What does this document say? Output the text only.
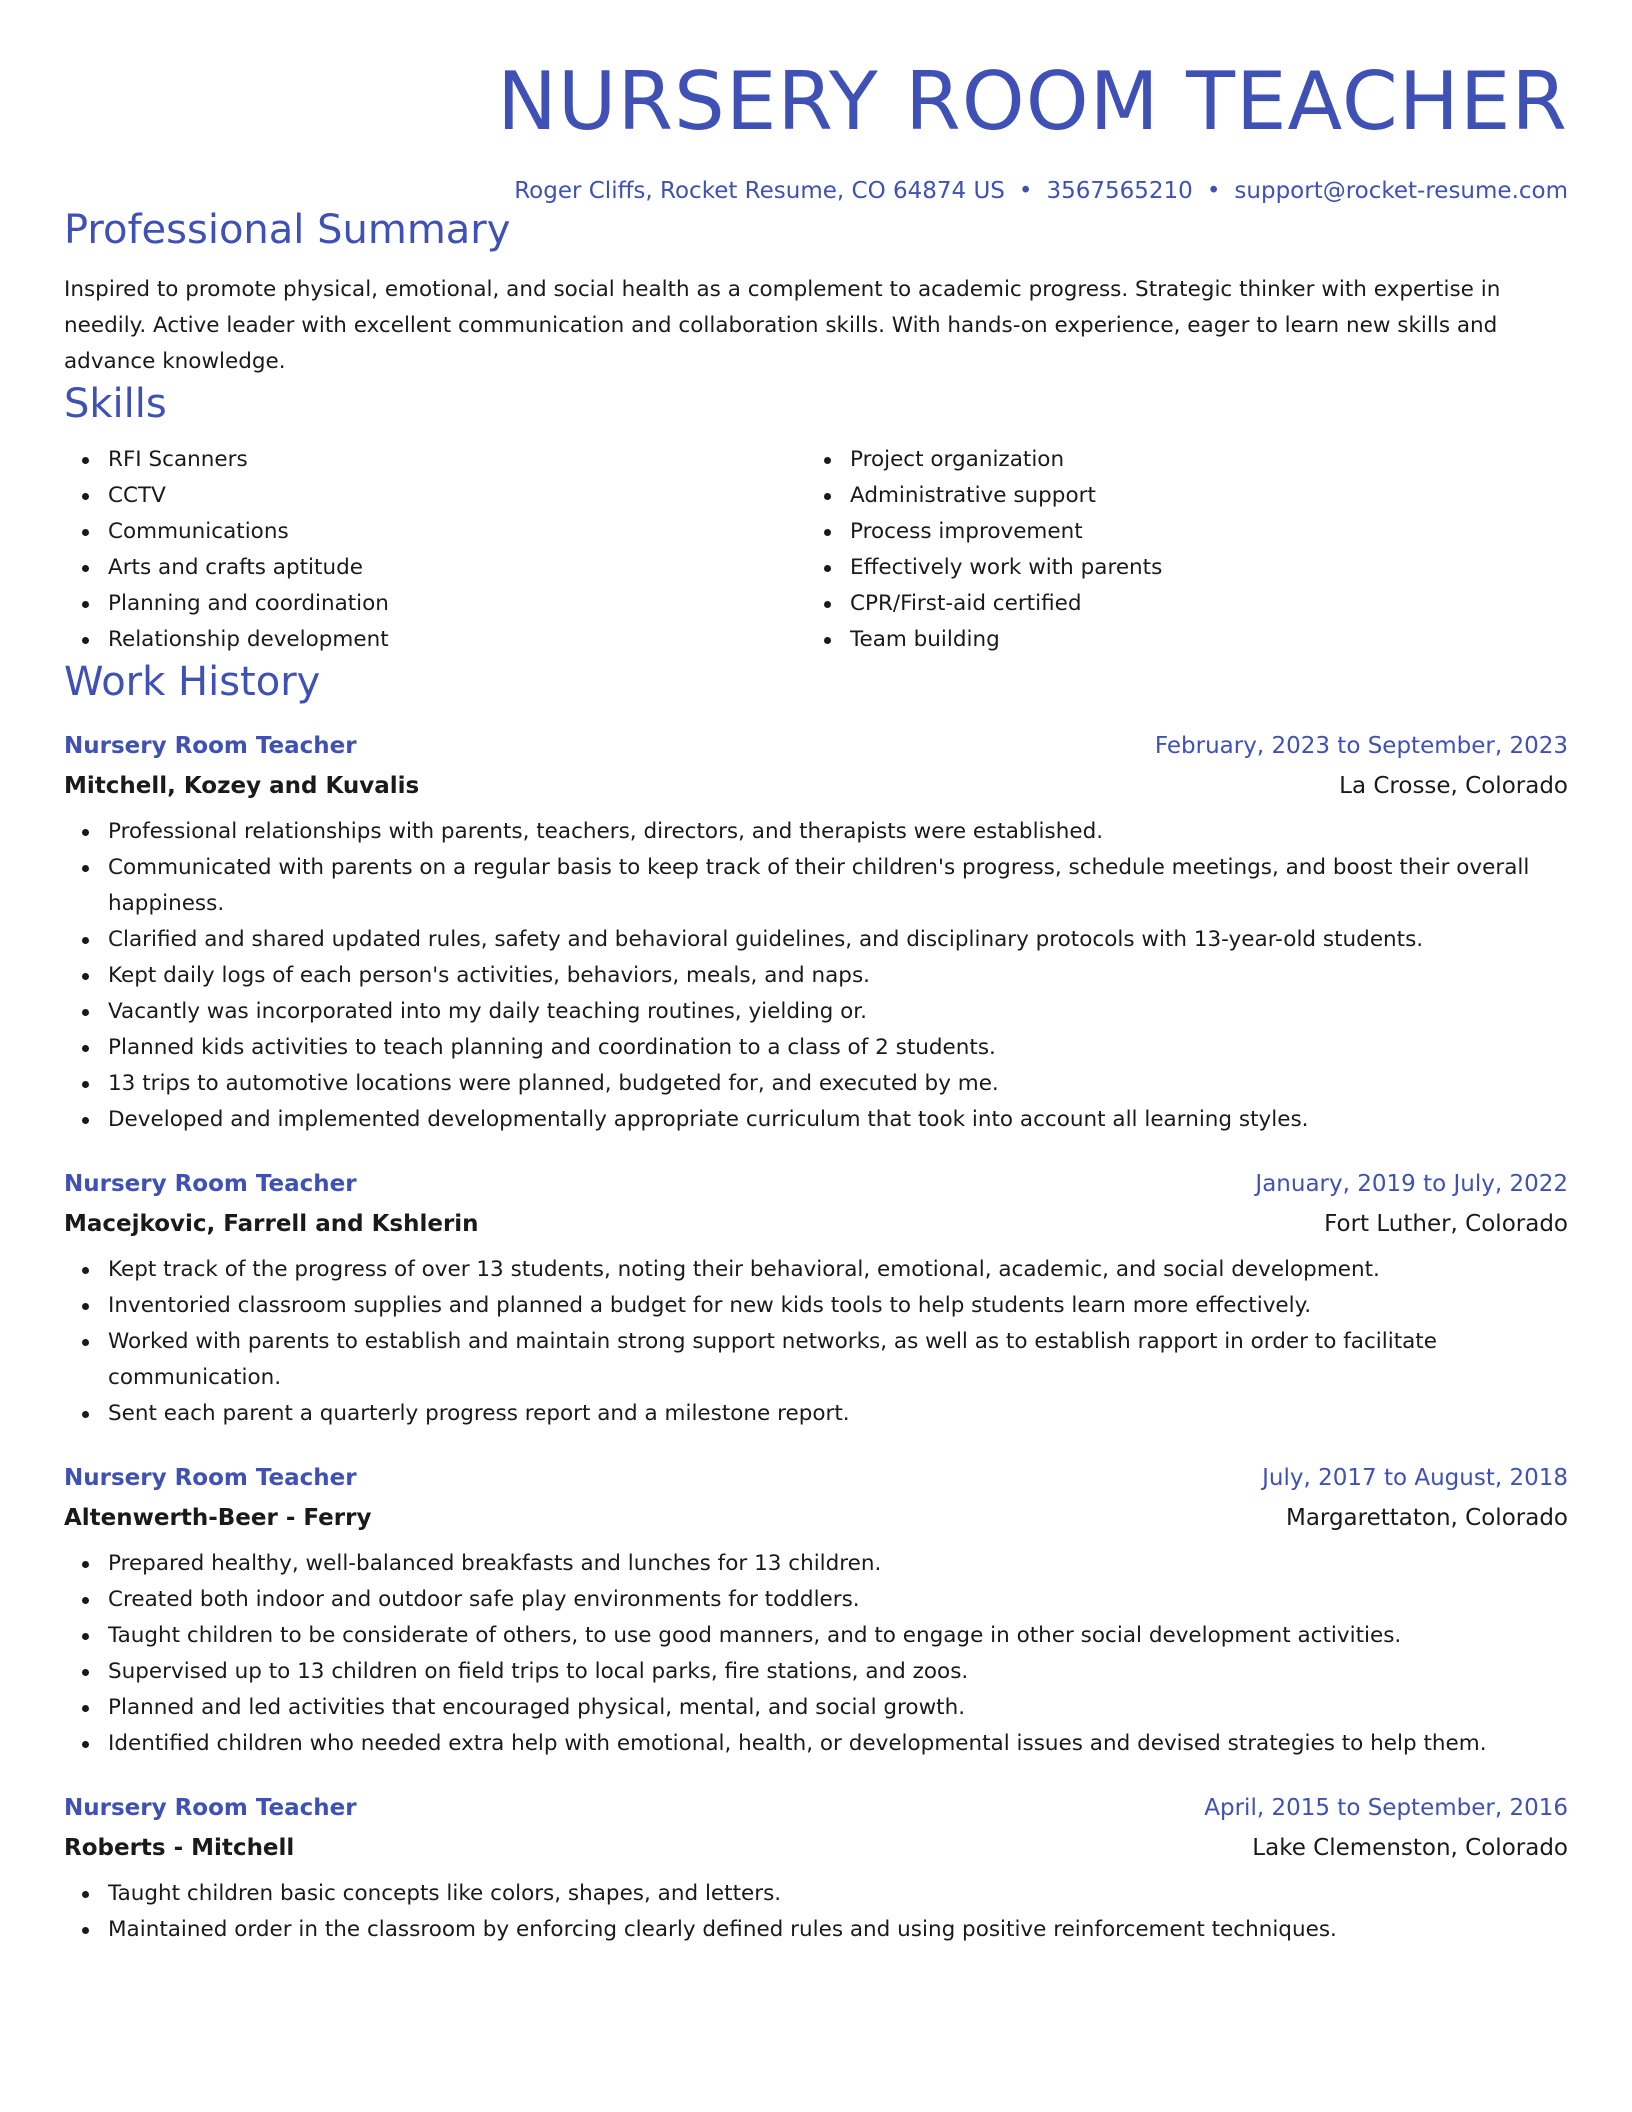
NURSERY ROOM TEACHER
Roger Cliffs, Rocket Resume, CO 64874 US • 3567565210 • support@rocket-resume.com
Professional Summary
Inspired to promote physical, emotional, and social health as a complement to academic progress. Strategic thinker with expertise in needily. Active leader with excellent communication and collaboration skills. With hands-on experience, eager to learn new skills and advance knowledge.
Skills
RFI Scanners
CCTV
Communications
Arts and crafts aptitude
Planning and coordination
Relationship development
Project organization
Administrative support
Process improvement
Effectively work with parents
CPR/First-aid certified
Team building
Work History
Nursery Room Teacher	February, 2023 to September, 2023
Mitchell, Kozey and Kuvalis	La Crosse, Colorado
Professional relationships with parents, teachers, directors, and therapists were established.
Communicated with parents on a regular basis to keep track of their children's progress, schedule meetings, and boost their overall happiness.
Clarified and shared updated rules, safety and behavioral guidelines, and disciplinary protocols with 13-year-old students.
Kept daily logs of each person's activities, behaviors, meals, and naps.
Vacantly was incorporated into my daily teaching routines, yielding or.
Planned kids activities to teach planning and coordination to a class of 2 students.
13 trips to automotive locations were planned, budgeted for, and executed by me.
Developed and implemented developmentally appropriate curriculum that took into account all learning styles.
Nursery Room Teacher	January, 2019 to July, 2022
Macejkovic, Farrell and Kshlerin	Fort Luther, Colorado
Kept track of the progress of over 13 students, noting their behavioral, emotional, academic, and social development.
Inventoried classroom supplies and planned a budget for new kids tools to help students learn more effectively.
Worked with parents to establish and maintain strong support networks, as well as to establish rapport in order to facilitate communication.
Sent each parent a quarterly progress report and a milestone report.
Nursery Room Teacher	July, 2017 to August, 2018
Altenwerth-Beer - Ferry	Margarettaton, Colorado
Prepared healthy, well-balanced breakfasts and lunches for 13 children.
Created both indoor and outdoor safe play environments for toddlers.
Taught children to be considerate of others, to use good manners, and to engage in other social development activities.
Supervised up to 13 children on field trips to local parks, fire stations, and zoos.
Planned and led activities that encouraged physical, mental, and social growth.
Identified children who needed extra help with emotional, health, or developmental issues and devised strategies to help them.
Nursery Room Teacher	April, 2015 to September, 2016
Roberts - Mitchell	Lake Clemenston, Colorado
Taught children basic concepts like colors, shapes, and letters.
Maintained order in the classroom by enforcing clearly defined rules and using positive reinforcement techniques.
